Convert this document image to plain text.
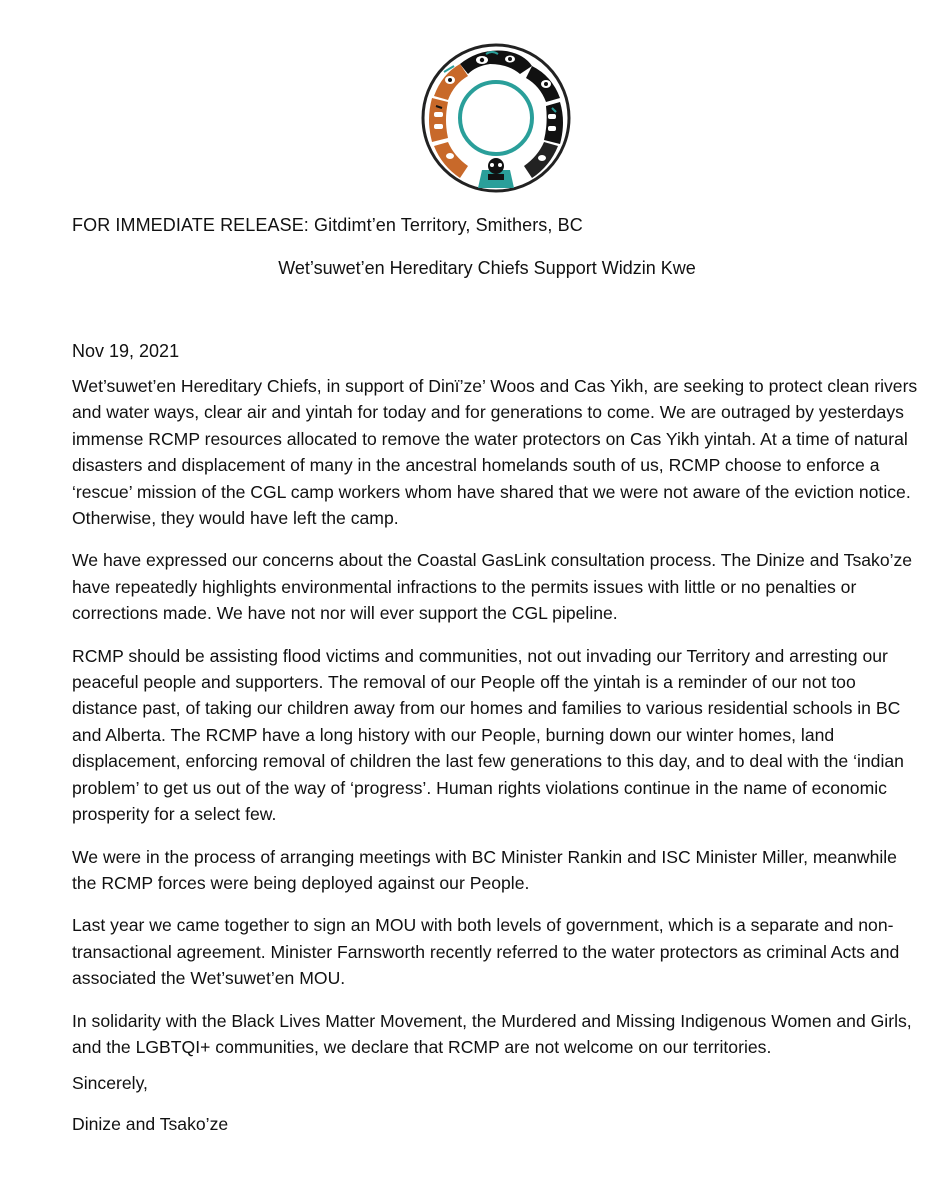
FOR IMMEDIATE RELEASE: Gitdimt’en Territory, Smithers, BC
Wet’suwet’en Hereditary Chiefs Support Widzin Kwe
Nov 19, 2021

Wet’suwet’en Hereditary Chiefs, in support of Dinï’ze’ Woos and Cas Yikh, are seeking to protect clean rivers and water ways, clear air and yintah for today and for generations to come. We are outraged by yesterdays immense RCMP resources allocated to remove the water protectors on Cas Yikh yintah. At a time of natural disasters and displacement of many in the ancestral homelands south of us, RCMP choose to enforce a ‘rescue’ mission of the CGL camp workers whom have shared that we were not aware of the eviction notice. Otherwise, they would have left the camp.

We have expressed our concerns about the Coastal GasLink consultation process. The Dinize and Tsako’ze have repeatedly highlights environmental infractions to the permits issues with little or no penalties or corrections made. We have not nor will ever support the CGL pipeline.

RCMP should be assisting flood victims and communities, not out invading our Territory and arresting our peaceful people and supporters. The removal of our People off the yintah is a reminder of our not too distance past, of taking our children away from our homes and families to various residential schools in BC and Alberta. The RCMP have a long history with our People, burning down our winter homes, land displacement, enforcing removal of children the last few generations to this day, and to deal with the ‘indian problem’ to get us out of the way of ‘progress’. Human rights violations continue in the name of economic prosperity for a select few.

We were in the process of arranging meetings with BC Minister Rankin and ISC Minister Miller, meanwhile the RCMP forces were being deployed against our People.

Last year we came together to sign an MOU with both levels of government, which is a separate and non-transactional agreement. Minister Farnsworth recently referred to the water protectors as criminal Acts and associated the Wet’suwet’en MOU.

In solidarity with the Black Lives Matter Movement, the Murdered and Missing Indigenous Women and Girls, and the LGBTQI+ communities, we declare that RCMP are not welcome on our territories.

Sincerely,
Dinize and Tsako’ze
